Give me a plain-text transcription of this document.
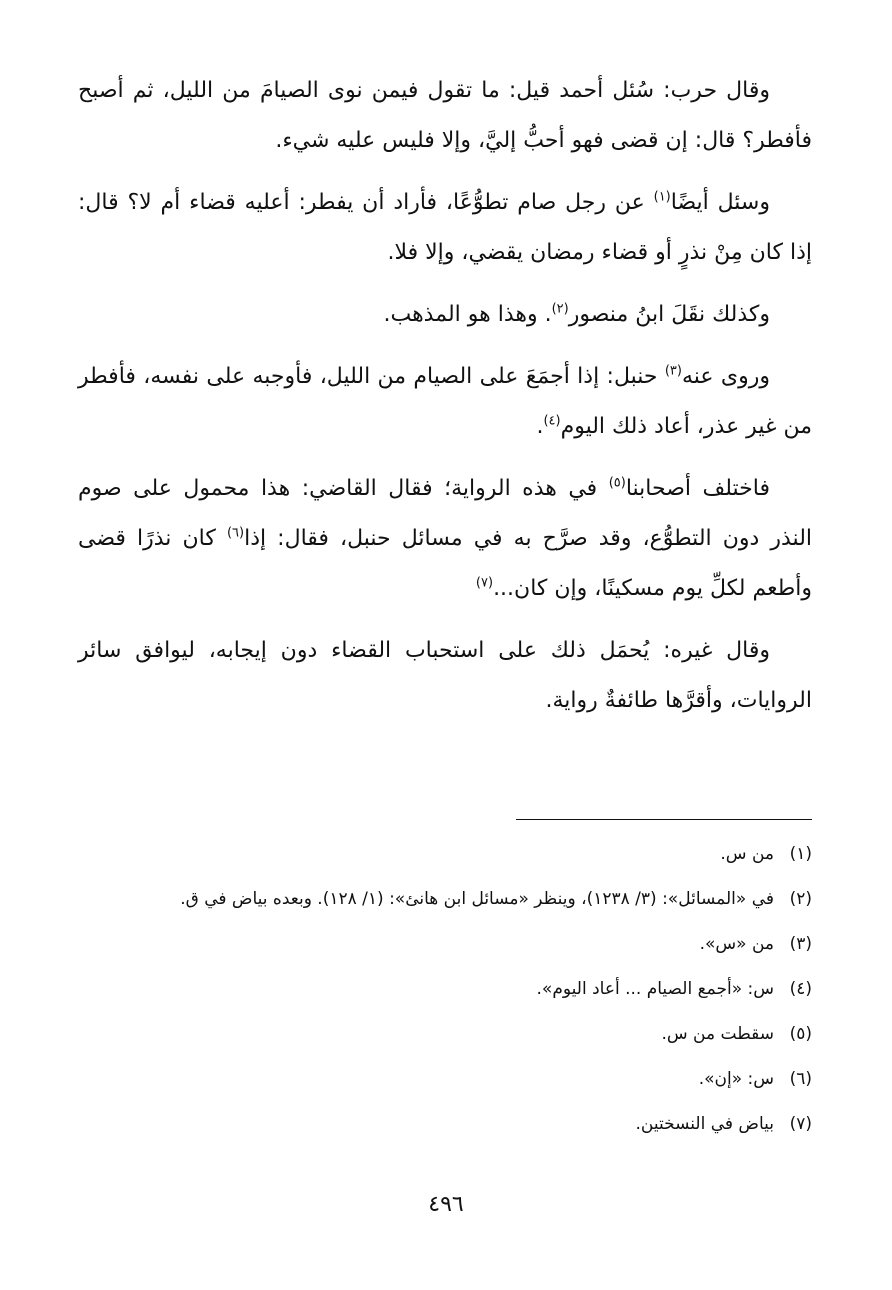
وقال حرب: سُئل أحمد قيل: ما تقول فيمن نوى الصيامَ من الليل، ثم أصبح فأفطر؟ قال: إن قضى فهو أحبُّ إليَّ، وإلا فليس عليه شيء.

وسئل أيضًا$^{(١)}$ عن رجل صام تطوُّعًا، فأراد أن يفطر: أعليه قضاء أم لا؟ قال: إذا كان مِنْ نذرٍ أو قضاء رمضان يقضي، وإلا فلا.

وكذلك نقَلَ ابنُ منصور$^{(٢)}$. وهذا هو المذهب.

وروى عنه$^{(٣)}$ حنبل: إذا أجمَعَ على الصيام من الليل، فأوجبه على نفسه، فأفطر من غير عذر، أعاد ذلك اليوم$^{(٤)}$.

فاختلف أصحابنا$^{(٥)}$ في هذه الرواية؛ فقال القاضي: هذا محمول على صوم النذر دون التطوُّع، وقد صرَّح به في مسائل حنبل، فقال: إذا$^{(٦)}$ كان نذرًا قضى وأطعم لكلِّ يوم مسكينًا، وإن كان...$^{(٧)}$

وقال غيره: يُحمَل ذلك على استحباب القضاء دون إيجابه، ليوافق سائر الروايات، وأقرَّها طائفةٌ رواية.

(١)
من س.
(٢)
في «المسائل»: (٣/ ١٢٣٨)، وينظر «مسائل ابن هانئ»: (١/ ١٢٨). وبعده بياض في ق.
(٣)
من «س».
(٤)
س: «أجمع الصيام ... أعاد اليوم».
(٥)
سقطت من س.
(٦)
س: «إن».
(٧)
بياض في النسختين.
٤٩٦
